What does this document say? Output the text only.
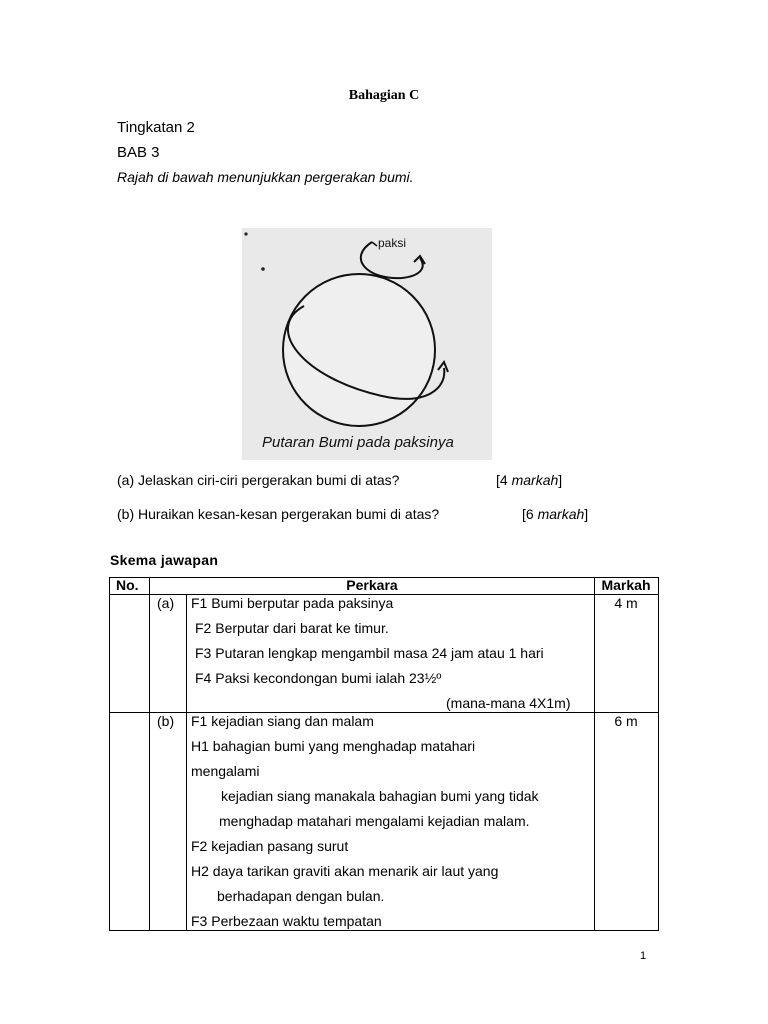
Bahagian C
Tingkatan 2
BAB 3
Rajah di bawah menunjukkan pergerakan bumi.
paksi
Putaran Bumi pada paksinya
(a) Jelaskan ciri-ciri pergerakan bumi di atas?	[4 markah]
(b) Huraikan kesan-kesan pergerakan bumi di atas?	[6 markah]
Skema jawapan
No.	Perkara	Markah
(a) F1 Bumi berputar pada paksinya
F2 Berputar dari barat ke timur.
F3 Putaran lengkap mengambil masa 24 jam atau 1 hari
F4 Paksi kecondongan bumi ialah 23½º
(mana-mana 4X1m)
4 m
(b) F1 kejadian siang dan malam
H1 bahagian bumi yang menghadap matahari
mengalami
kejadian siang manakala bahagian bumi yang tidak
menghadap matahari mengalami kejadian malam.
F2 kejadian pasang surut
H2 daya tarikan graviti akan menarik air laut yang
berhadapan dengan bulan.
F3 Perbezaan waktu tempatan
6 m
1
